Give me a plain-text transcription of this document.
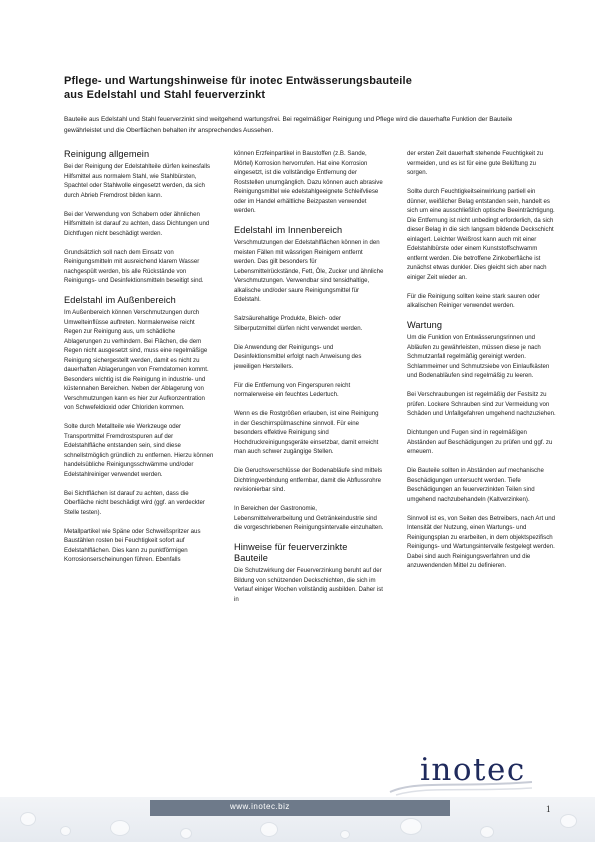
Pflege- und Wartungshinweise für inotec Entwässerungsbauteile
aus Edelstahl und Stahl feuerverzinkt

Bauteile aus Edelstahl und Stahl feuerverzinkt sind weitgehend wartungsfrei. Bei regelmäßiger Reinigung und Pflege wird die dauerhafte Funktion der Bauteile gewährleistet und die Oberflächen behalten ihr ansprechendes Aussehen.

Reinigung allgemein

Bei der Reinigung der Edelstahlteile dürfen keinesfalls Hilfsmittel aus normalem Stahl, wie Stahlbürsten, Spachtel oder Stahlwolle eingesetzt werden, da sich durch Abrieb Fremdrost bilden kann.

Bei der Verwendung von Schabern oder ähnlichen Hilfsmitteln ist darauf zu achten, dass Dichtungen und Dichtfugen nicht beschädigt werden.

Grundsätzlich soll nach dem Einsatz von Reinigungsmitteln mit ausreichend klarem Wasser nachgespült werden, bis alle Rückstände von Reinigungs- und Desinfektionsmitteln beseitigt sind.

Edelstahl im Außenbereich

Im Außenbereich können Verschmutzungen durch Umwelteinflüsse auftreten. Normalerweise reicht Regen zur Reinigung aus, um schädliche Ablagerungen zu verhindern. Bei Flächen, die dem Regen nicht ausgesetzt sind, muss eine regelmäßige Reinigung sichergestellt werden, damit es nicht zu dauerhaften Ablagerungen von Fremdatomen kommt. Besonders wichtig ist die Reinigung in industrie- und küstennahen Bereichen. Neben der Ablagerung von Verschmutzungen kann es hier zur Aufkonzentration von Schwefeldioxid oder Chloriden kommen.

Solte durch Metallteile wie Werkzeuge oder Transportmittel Fremdrostspuren auf der Edelstahlfläche entstanden sein, sind diese schnellstmöglich gründlich zu entfernen. Hierzu können handelsübliche Reinigungsschwämme und/oder Edelstahlreiniger verwendet werden.

Bei Sichtflächen ist darauf zu achten, dass die Oberfläche nicht beschädigt wird (ggf. an verdeckter Stelle testen).

Metallpartikel wie Späne oder Schweißspritzer aus Baustählen rosten bei Feuchtigkeit sofort auf Edelstahlflächen. Dies kann zu punktförmigen Korrosionserscheinungen führen. Ebenfalls

können Erzfeinpartikel in Baustoffen (z.B. Sande, Mörtel) Korrosion hervorrufen. Hat eine Korrosion eingesetzt, ist die vollständige Entfernung der Roststellen unumgänglich. Dazu können auch abrasive Reinigungsmittel wie edelstahlgeeignete Schleifvliese oder im Handel erhältliche Beizpasten verwendet werden.

Edelstahl im Innenbereich

Verschmutzungen der Edelstahlflächen können in den meisten Fällen mit wässrigen Reinigern entfernt werden. Das gilt besonders für Lebensmittelrückstände, Fett, Öle, Zucker und ähnliche Verschmutzungen. Verwendbar sind tensidhaltige, alkalische und/oder saure Reinigungsmittel für Edelstahl.

Salzsäurehaltige Produkte, Bleich- oder Silberputzmittel dürfen nicht verwendet werden.

Die Anwendung der Reinigungs- und Desinfektionsmittel erfolgt nach Anweisung des jeweiligen Herstellers.

Für die Entfernung von Fingerspuren reicht normalerweise ein feuchtes Ledertuch.

Wenn es die Rostgrößen erlauben, ist eine Reinigung in der Geschirrspülmaschine sinnvoll. Für eine besonders effektive Reinigung sind Hochdruckreinigungsgeräte einsetzbar, damit erreicht man auch schwer zugängige Stellen.

Die Geruchsverschlüsse der Bodenabläufe sind mittels Dichtringverbindung entfernbar, damit die Abflussrohre revisionierbar sind.

In Bereichen der Gastronomie, Lebensmittelverarbeitung und Getränkeindustrie sind die vorgeschriebenen Reinigungsintervalle einzuhalten.

Hinweise für feuerverzinkte
Bauteile

Die Schutzwirkung der Feuerverzinkung beruht auf der Bildung von schützenden Deckschichten, die sich im Verlauf einiger Wochen vollständig ausbilden. Daher ist in

der ersten Zeit dauerhaft stehende Feuchtigkeit zu vermeiden, und es ist für eine gute Belüftung zu sorgen.

Sollte durch Feuchtigkeitseinwirkung partiell ein dünner, weißlicher Belag entstanden sein, handelt es sich um eine ausschließlich optische Beeinträchtigung. Die Entfernung ist nicht unbedingt erforderlich, da sich dieser Belag in die sich langsam bildende Deckschicht einlagert. Leichter Weißrost kann auch mit einer Edelstahlbürste oder einem Kunststoffschwamm entfernt werden. Die betroffene Zinkoberfläche ist zunächst etwas dunkler. Dies gleicht sich aber nach einiger Zeit wieder an.

Für die Reinigung sollten keine stark sauren oder alkalischen Reiniger verwendet werden.

Wartung

Um die Funktion von Entwässerungsrinnen und Abläufen zu gewährleisten, müssen diese je nach Schmutzanfall regelmäßig gereinigt werden. Schlammeimer und Schmutzsiebe von Einlaufkästen und Bodenabläufen sind regelmäßig zu leeren.

Bei Verschraubungen ist regelmäßig der Festsitz zu prüfen. Lockere Schrauben sind zur Vermeidung von Schäden und Unfallgefahren umgehend nachzuziehen.

Dichtungen und Fugen sind in regelmäßigen Abständen auf Beschädigungen zu prüfen und ggf. zu erneuern.

Die Bauteile sollten in Abständen auf mechanische Beschädigungen untersucht werden. Tiefe Beschädigungen an feuerverzinkten Teilen sind umgehend nachzubehandeln (Kaltverzinken).

Sinnvoll ist es, von Seiten des Betreibers, nach Art und Intensität der Nutzung, einen Wartungs- und Reinigungsplan zu erarbeiten, in dem objektspezifisch Reinigungs- und Wartungsintervalle festgelegt werden. Dabei sind auch Reinigungsverfahren und die anzuwendenden Mittel zu definieren.

inotec
www.inotec.biz	1
